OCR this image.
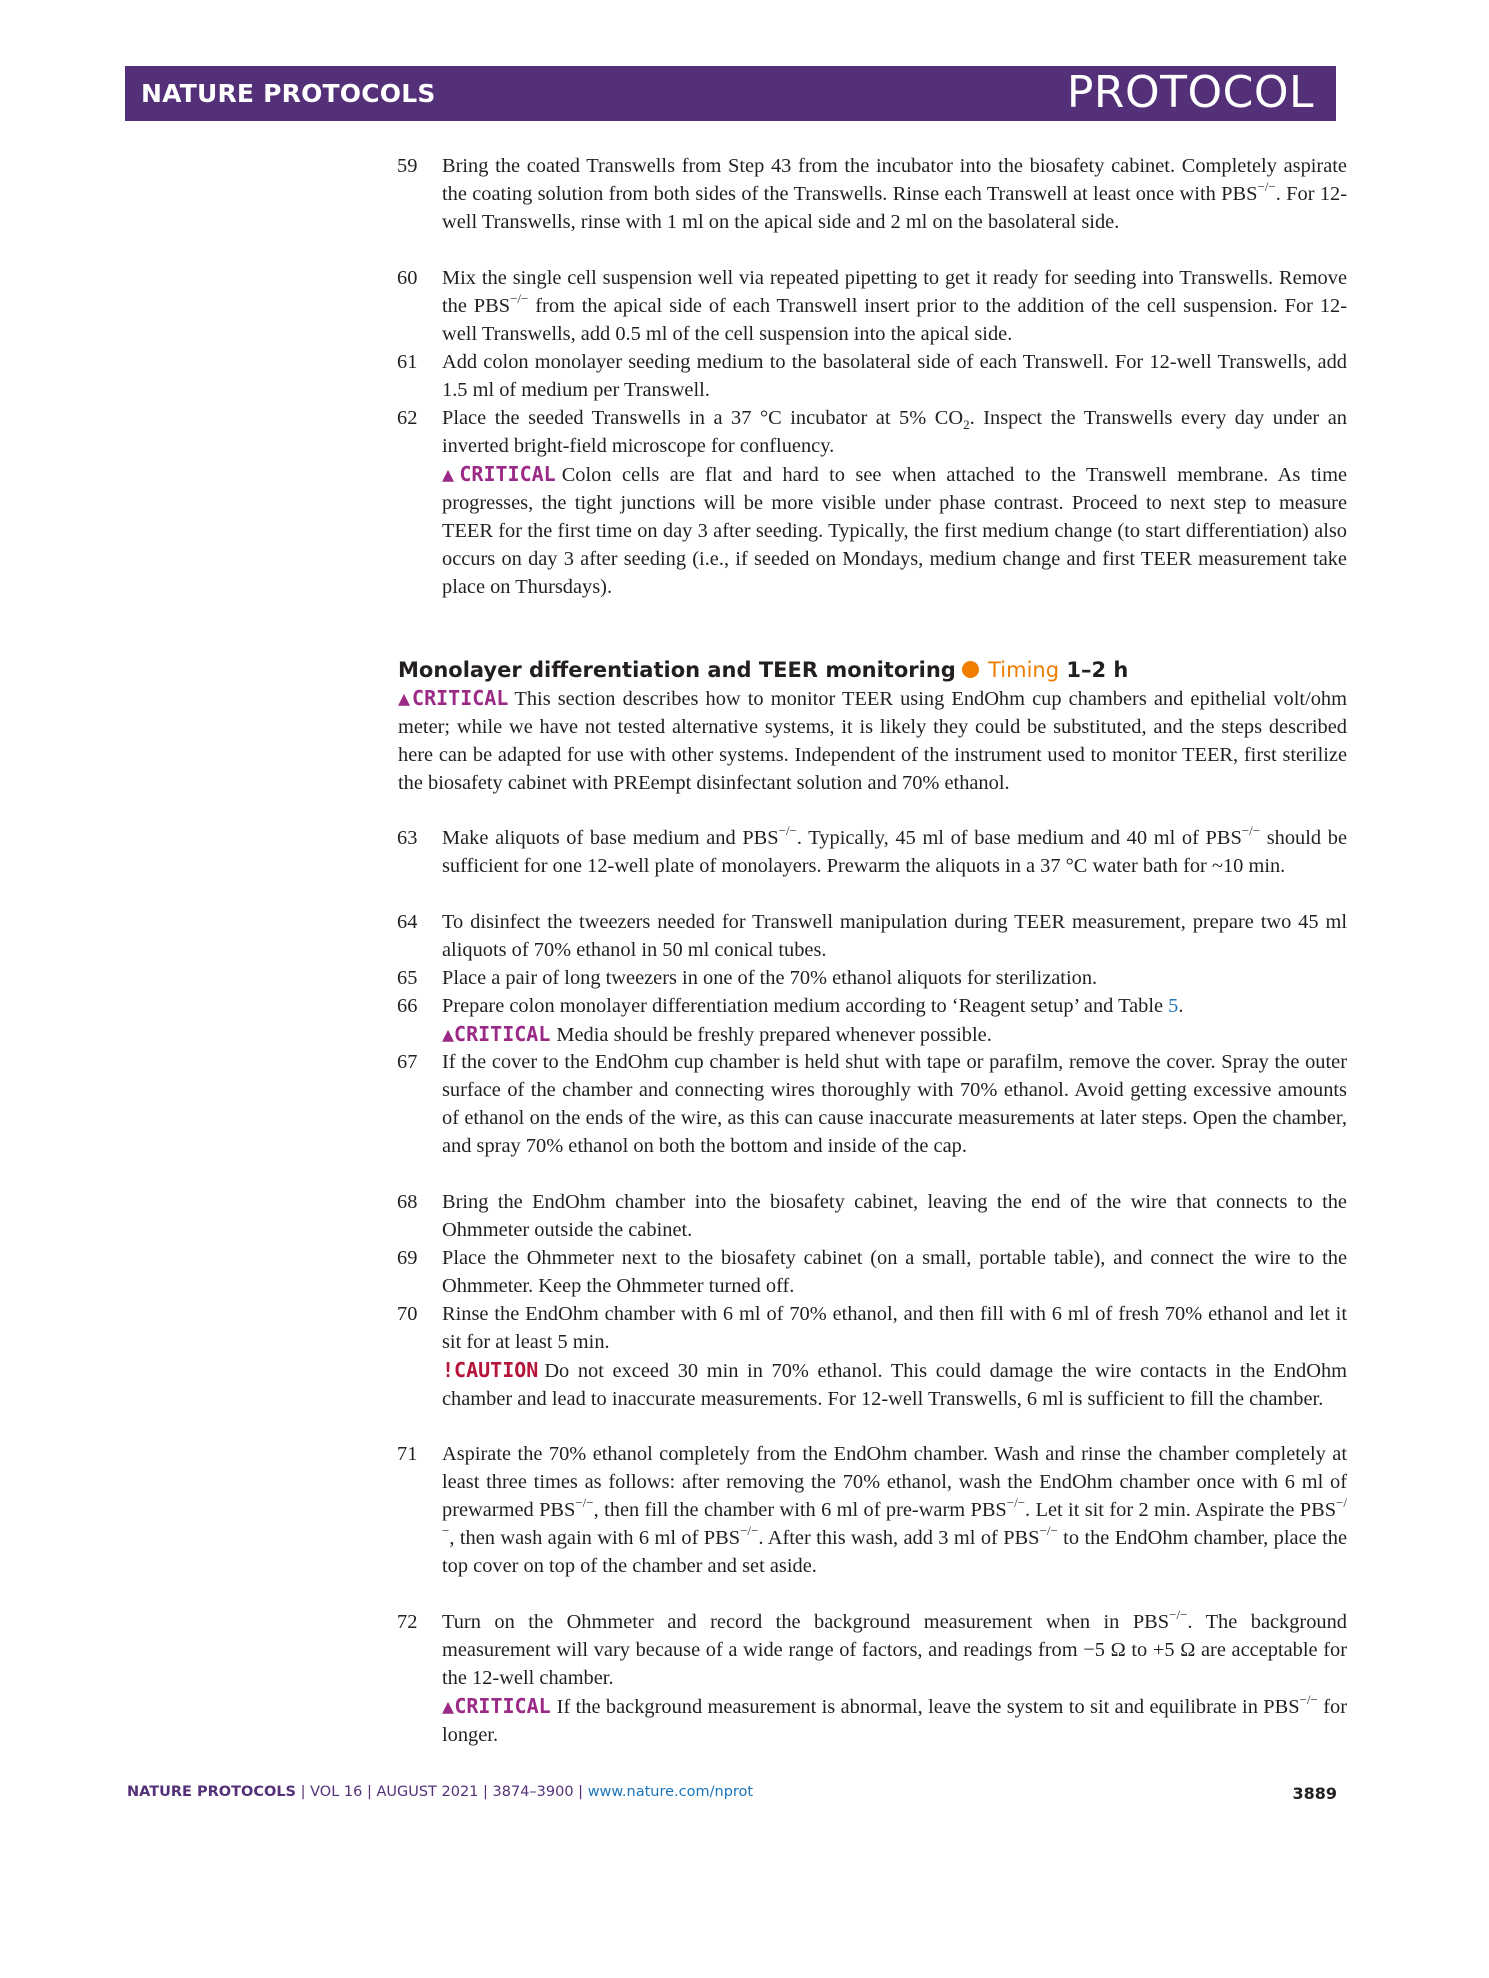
NATURE PROTOCOLS	PROTOCOL
59	Bring the coated Transwells from Step 43 from the incubator into the biosafety cabinet. Completely aspirate the coating solution from both sides of the Transwells. Rinse each Transwell at least once with PBS−/−. For 12-well Transwells, rinse with 1 ml on the apical side and 2 ml on the basolateral side.
60	Mix the single cell suspension well via repeated pipetting to get it ready for seeding into Transwells. Remove the PBS−/− from the apical side of each Transwell insert prior to the addition of the cell suspension. For 12-well Transwells, add 0.5 ml of the cell suspension into the apical side.
61	Add colon monolayer seeding medium to the basolateral side of each Transwell. For 12-well Transwells, add 1.5 ml of medium per Transwell.
62	Place the seeded Transwells in a 37 °C incubator at 5% $CO_2$. Inspect the Transwells every day under an inverted bright-field microscope for confluency.
▲CRITICAL Colon cells are flat and hard to see when attached to the Transwell membrane. As time progresses, the tight junctions will be more visible under phase contrast. Proceed to next step to measure TEER for the first time on day 3 after seeding. Typically, the first medium change (to start differentiation) also occurs on day 3 after seeding (i.e., if seeded on Mondays, medium change and first TEER measurement take place on Thursdays).
Monolayer differentiation and TEER monitoring Timing 1–2 h
▲CRITICAL This section describes how to monitor TEER using EndOhm cup chambers and epithelial volt/ohm meter; while we have not tested alternative systems, it is likely they could be substituted, and the steps described here can be adapted for use with other systems. Independent of the instrument used to monitor TEER, first sterilize the biosafety cabinet with PREempt disinfectant solution and 70% ethanol.
63	Make aliquots of base medium and PBS−/−. Typically, 45 ml of base medium and 40 ml of PBS−/− should be sufficient for one 12-well plate of monolayers. Prewarm the aliquots in a 37 °C water bath for ~10 min.
64	To disinfect the tweezers needed for Transwell manipulation during TEER measurement, prepare two 45 ml aliquots of 70% ethanol in 50 ml conical tubes.
65	Place a pair of long tweezers in one of the 70% ethanol aliquots for sterilization.
66	Prepare colon monolayer differentiation medium according to ‘Reagent setup’ and Table 5.
▲CRITICAL Media should be freshly prepared whenever possible.
67	If the cover to the EndOhm cup chamber is held shut with tape or parafilm, remove the cover. Spray the outer surface of the chamber and connecting wires thoroughly with 70% ethanol. Avoid getting excessive amounts of ethanol on the ends of the wire, as this can cause inaccurate measurements at later steps. Open the chamber, and spray 70% ethanol on both the bottom and inside of the cap.
68	Bring the EndOhm chamber into the biosafety cabinet, leaving the end of the wire that connects to the Ohmmeter outside the cabinet.
69	Place the Ohmmeter next to the biosafety cabinet (on a small, portable table), and connect the wire to the Ohmmeter. Keep the Ohmmeter turned off.
70	Rinse the EndOhm chamber with 6 ml of 70% ethanol, and then fill with 6 ml of fresh 70% ethanol and let it sit for at least 5 min.
!CAUTION Do not exceed 30 min in 70% ethanol. This could damage the wire contacts in the EndOhm chamber and lead to inaccurate measurements. For 12-well Transwells, 6 ml is sufficient to fill the chamber.
71	Aspirate the 70% ethanol completely from the EndOhm chamber. Wash and rinse the chamber completely at least three times as follows: after removing the 70% ethanol, wash the EndOhm chamber once with 6 ml of prewarmed PBS−/−, then fill the chamber with 6 ml of pre-warm PBS−/−. Let it sit for 2 min. Aspirate the PBS−/−, then wash again with 6 ml of PBS−/−. After this wash, add 3 ml of PBS−/− to the EndOhm chamber, place the top cover on top of the chamber and set aside.
72	Turn on the Ohmmeter and record the background measurement when in PBS−/−. The background measurement will vary because of a wide range of factors, and readings from −5 Ω to +5 Ω are acceptable for the 12-well chamber.
▲CRITICAL If the background measurement is abnormal, leave the system to sit and equilibrate in PBS−/− for longer.
NATURE PROTOCOLS | VOL 16 | AUGUST 2021 | 3874–3900 | www.nature.com/nprot	3889
